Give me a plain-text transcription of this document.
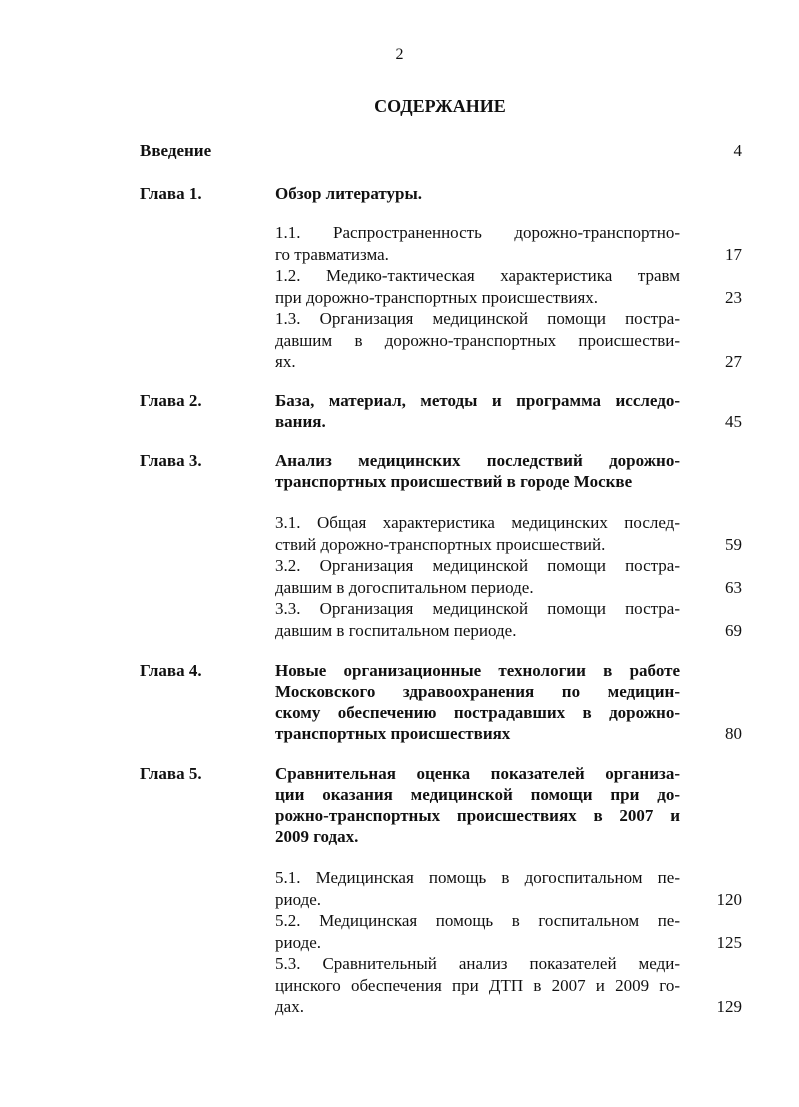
2
СОДЕРЖАНИЕ
Введение	4
Глава 1.	Обзор литературы.
1.1. Распространенность дорожно-транспортно-
го травматизма.	17
1.2. Медико-тактическая характеристика травм
при дорожно-транспортных происшествиях.	23
1.3. Организация медицинской помощи постра-
давшим в дорожно-транспортных происшестви-
ях.	27
Глава 2.	База, материал, методы и программа исследо-
вания.	45
Глава 3.	Анализ медицинских последствий дорожно-
транспортных происшествий в городе Москве
3.1. Общая характеристика медицинских послед-
ствий дорожно-транспортных происшествий.	59
3.2. Организация медицинской помощи постра-
давшим в догоспитальном периоде.	63
3.3. Организация медицинской помощи постра-
давшим в госпитальном периоде.	69
Глава 4.	Новые организационные технологии в работе
Московского здравоохранения по медицин-
скому обеспечению пострадавших в дорожно-
транспортных происшествиях	80
Глава 5.	Сравнительная оценка показателей организа-
ции оказания медицинской помощи при до-
рожно-транспортных происшествиях в 2007 и
2009 годах.
5.1. Медицинская помощь в догоспитальном пе-
риоде.	120
5.2. Медицинская помощь в госпитальном пе-
риоде.	125
5.3. Сравнительный анализ показателей меди-
цинского обеспечения при ДТП в 2007 и 2009 го-
дах.	129
